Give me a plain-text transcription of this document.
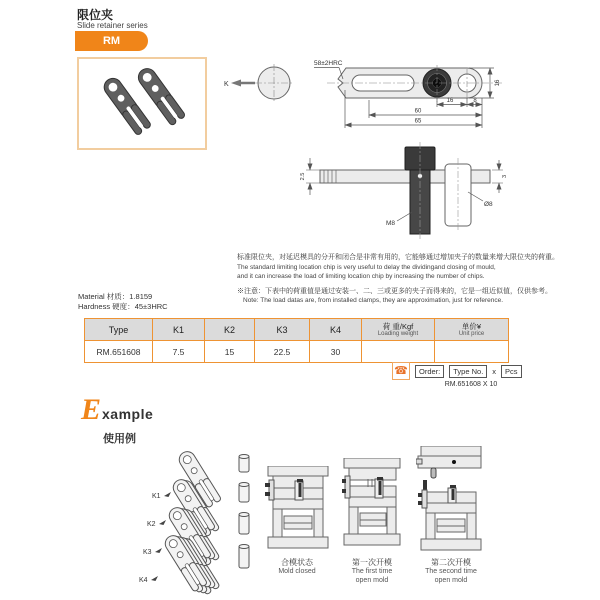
限位夹
Slide retainer series
RM
K
58±2HRC
16
16	8
60
65
2.5
M8
Ø8
3
标准限位夹，对延迟模具的分开和闭合是非常有用的，它能够通过增加夹子的数量来增大限位夹的荷重。
The standard limiting location chip is very useful to delay the dividingand closing of mould,
and it can increase the load of limiting location chip by increasing the number of chips.
※注意：下表中的荷重值是通过安装一、二、三或更多的夹子而得来的，它是一组近似值，仅供参考。
Note: The load datas are, from installed clamps, they are approximation, just for reference.
Material 材质：1.8159
Hardness 硬度：45±3HRC
Type	K1	K2	K3	K4	荷 重/Kgf
Loading weight

单价¥
Unit price

RM.651608	7.5	15	22.5	30		
☎	Order:	Type No.	x	Pcs
RM.651608 X 10
E xample
使用例
K1
K2
K3
K4
合模状态
Mold closed
第一次开模
The first time
open mold
第二次开模
The second time
open mold
